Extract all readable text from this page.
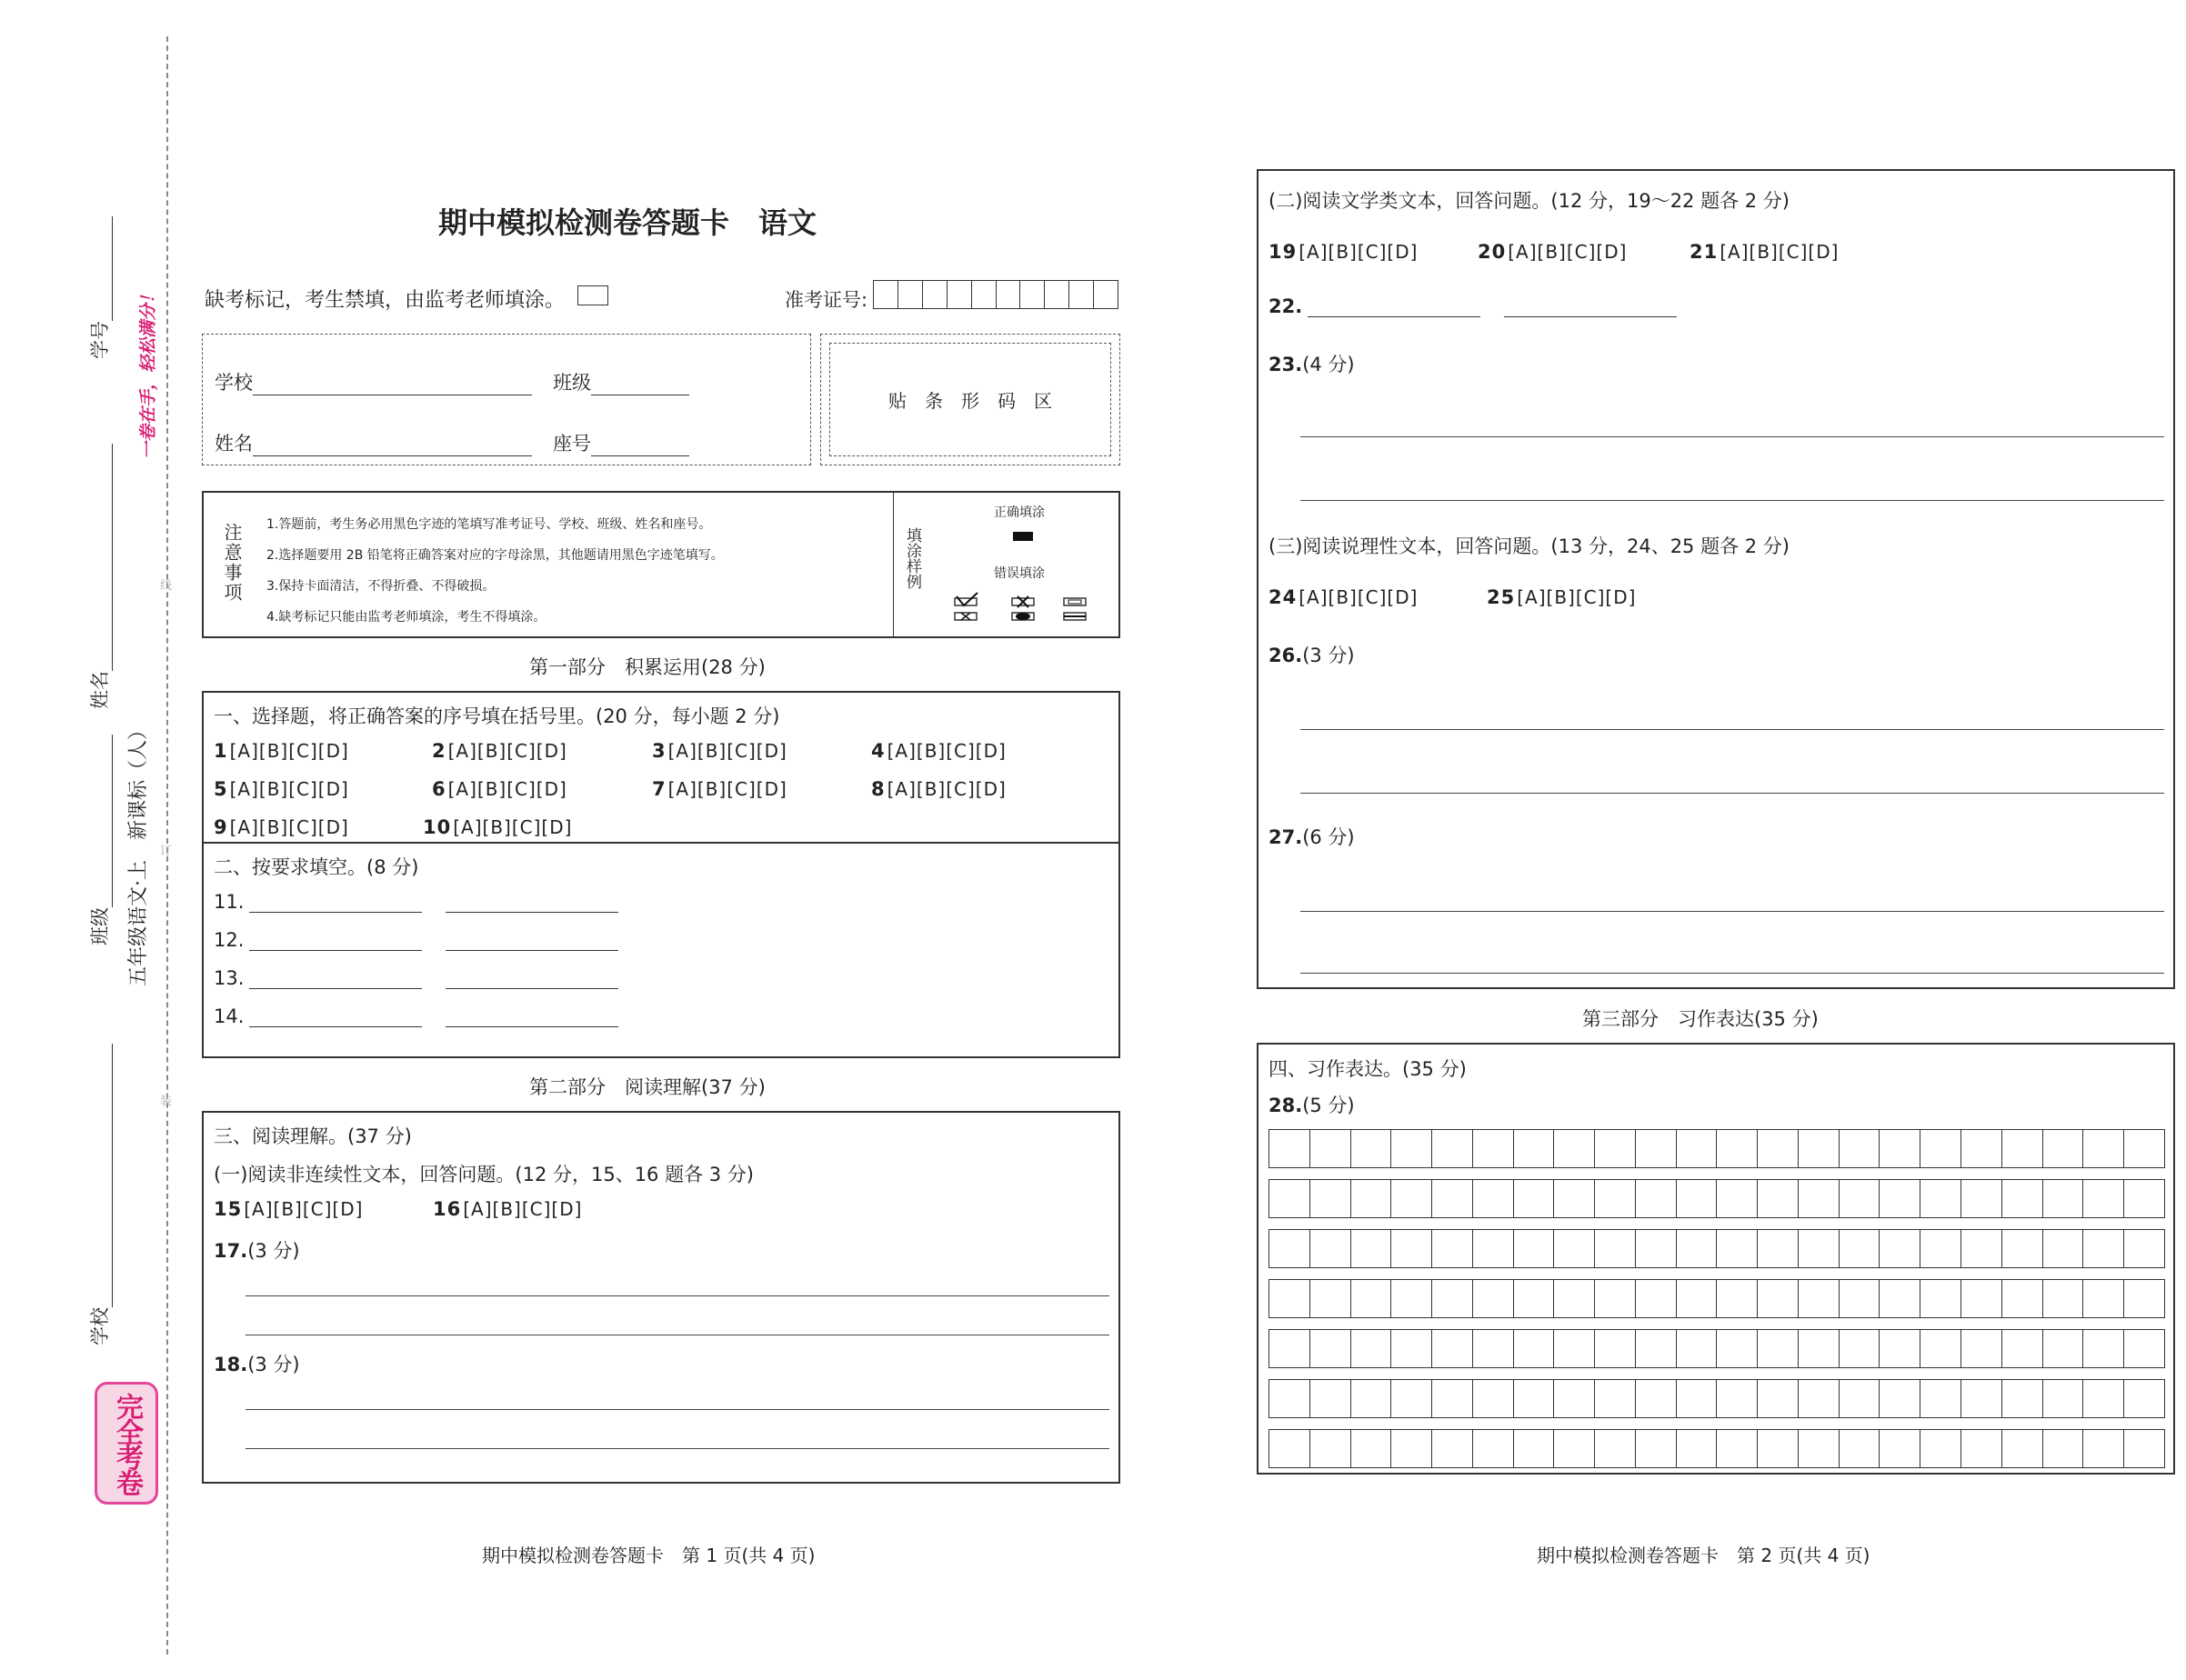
学号
姓名
班级
学校
一卷在手，轻松满分！
五年级语文·上　新课标（人）
线
订
装
完全考卷
期中模拟检测卷答题卡　语文
缺考标记，考生禁填，由监考老师填涂。	准考证号:
学校	班级
姓名	座号
贴　条　形　码　区
注意事项 1.答题前，考生务必用黑色字迹的笔填写准考证号、学校、班级、姓名和座号。
2.选择题要用 2B 铅笔将正确答案对应的字母涂黑，其他题请用黑色字迹笔填写。
3.保持卡面清洁，不得折叠、不得破损。
4.缺考标记只能由监考老师填涂，考生不得填涂。
填涂样例
正确填涂
错误填涂
第一部分　积累运用(28 分)
一、选择题，将正确答案的序号填在括号里。(20 分，每小题 2 分)
1 [A][B][C][D]	2 [A][B][C][D]	3 [A][B][C][D]	4 [A][B][C][D]
5 [A][B][C][D]	6 [A][B][C][D]	7 [A][B][C][D]	8 [A][B][C][D]
9 [A][B][C][D]	10 [A][B][C][D]
二、按要求填空。(8 分)
11.
12.
13.
14.
第二部分　阅读理解(37 分)
三、阅读理解。(37 分)
(一)阅读非连续性文本，回答问题。(12 分，15、16 题各 3 分)
15 [A][B][C][D]	16 [A][B][C][D]
17.(3 分)
18.(3 分)
期中模拟检测卷答题卡　第 1 页(共 4 页)
(二)阅读文学类文本，回答问题。(12 分，19～22 题各 2 分)
19 [A][B][C][D]	20 [A][B][C][D]	21 [A][B][C][D]
22.
23.(4 分)
(三)阅读说理性文本，回答问题。(13 分，24、25 题各 2 分)
24 [A][B][C][D]	25 [A][B][C][D]
26.(3 分)
27.(6 分)
第三部分　习作表达(35 分)
四、习作表达。(35 分)
28.(5 分)
期中模拟检测卷答题卡　第 2 页(共 4 页)
